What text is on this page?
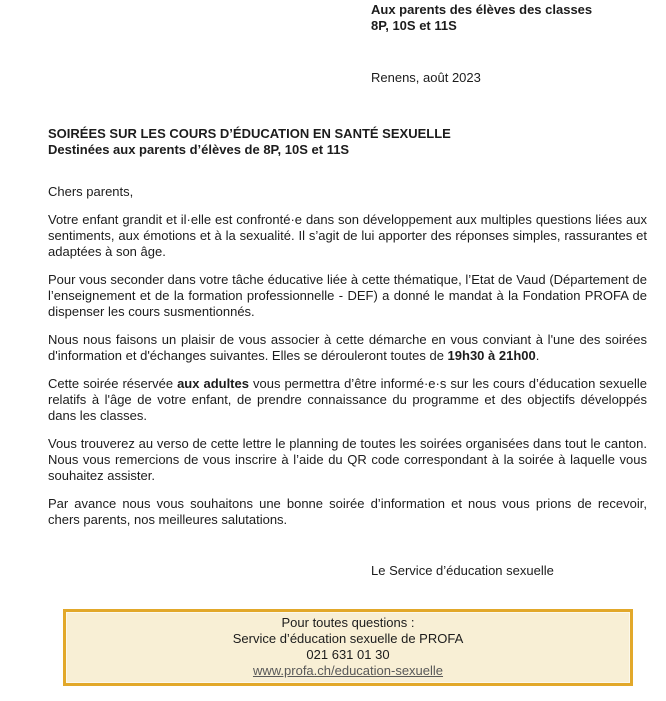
Aux parents des élèves des classes
8P, 10S et 11S
Renens, août 2023
SOIRÉES SUR LES COURS D’ÉDUCATION EN SANTÉ SEXUELLE
Destinées aux parents d’élèves de 8P, 10S et 11S
Chers parents,

Votre enfant grandit et il·elle est confronté·e dans son développement aux multiples questions liées aux sentiments, aux émotions et à la sexualité. Il s’agit de lui apporter des réponses simples, rassurantes et adaptées à son âge.

Pour vous seconder dans votre tâche éducative liée à cette thématique, l’Etat de Vaud (Département de l’enseignement et de la formation professionnelle - DEF) a donné le mandat à la Fondation PROFA de dispenser les cours susmentionnés.

Nous nous faisons un plaisir de vous associer à cette démarche en vous conviant à l'une des soirées d'information et d'échanges suivantes. Elles se dérouleront toutes de 19h30 à 21h00.

Cette soirée réservée aux adultes vous permettra d’être informé·e·s sur les cours d’éducation sexuelle relatifs à l'âge de votre enfant, de prendre connaissance du programme et des objectifs développés dans les classes.

Vous trouverez au verso de cette lettre le planning de toutes les soirées organisées dans tout le canton. Nous vous remercions de vous inscrire à l’aide du QR code correspondant à la soirée à laquelle vous souhaitez assister.

Par avance nous vous souhaitons une bonne soirée d’information et nous vous prions de recevoir, chers parents, nos meilleures salutations.

Le Service d’éducation sexuelle
Pour toutes questions :
Service d’éducation sexuelle de PROFA
021 631 01 30
www.profa.ch/education-sexuelle
